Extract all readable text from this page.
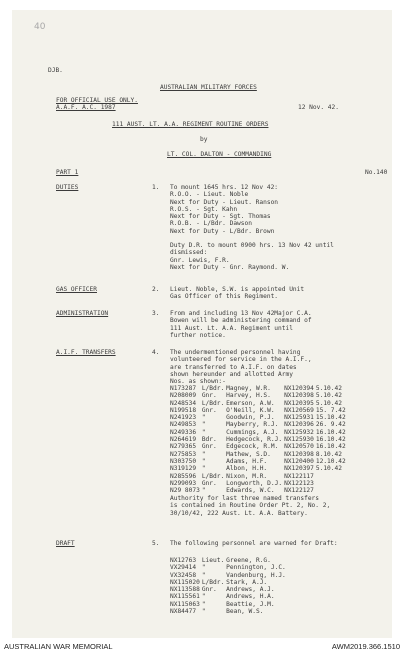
40
DJB.
AUSTRALIAN MILITARY FORCES
FOR OFFICIAL USE ONLY.
A.A.F. A.C. 1987	12 Nov. 42.
111 AUST. LT. A.A. REGIMENT ROUTINE ORDERS
by
LT. COL. DALTON - COMMANDING
PART 1	No.140
DUTIES	1. To mount 1645 hrs. 12 Nov 42:
R.O.O. - Lieut. Noble
Next for Duty - Lieut. Ranson
R.O.S. - Sgt. Kahn
Next for Duty - Sgt. Thomas
R.O.B. - L/Bdr. Dawson
Next for Duty - L/Bdr. Brown
Duty D.R. to mount 0900 hrs. 13 Nov 42 until
dismissed:
Gnr. Lewis, F.R.
Next for Duty - Gnr. Raymond. W.
GAS OFFICER	2. Lieut. Noble, S.W. is appointed Unit
Gas Officer of this Regiment.
ADMINISTRATION	3. From and including 13 Nov 42Major C.A.
Bowen will be administering command of
111 Aust. Lt. A.A. Regiment until
further notice.
A.I.F. TRANSFERS	4. The undermentioned personnel having
volunteered for service in the A.I.F.,
are transferred to A.I.F. on dates
shown hereunder and allotted Army
Nos. as shown:-
N173287	L/Bdr.	Magney, W.R.	NX120394	5.10.42
N208009	Gnr.	Harvey, H.S.	NX120398	5.10.42
N248534	L/Bdr.	Emerson, A.W.	NX120395	5.10.42
N199518	Gnr.	O'Neill, K.W.	NX120569	15. 7.42
N241923	"	Goodwin, P.J.	NX125931	15.10.42
N249853	"	Mayberry, R.J.	NX120396	26. 9.42
N249336	"	Cummings, A.J.	NX125932	16.10.42
N264619	Bdr.	Hedgecock, R.J.	NX125930	16.10.42
N279365	Gnr.	Edgecock, R.M.	NX120570	16.10.42
N275853	"	Mathew, S.D.	NX120398	8.10.42
N303750	"	Adams, H.F.	NX120400	12.10.42
N319129	"	Albon, H.H.	NX120397	5.10.42
N285596	L/Bdr.	Nixon, M.R.	NX122117	
N299093	Gnr.	Longworth, D.J.	NX122123	
N29 8073	"	Edwards, W.C.	NX122127	
Authority for last three named transfers
is contained in Routine Order Pt. 2, No. 2,
30/10/42, 222 Aust. Lt. A.A. Battery.
DRAFT	5. The following personnel are warned for Draft:
NX12763	Lieut.	Greene, R.G.
VX29414	"	Pennington, J.C.
VX32458	"	Vandenburg, H.J.
NX115020	L/Bdr.	Stark, A.J.
NX113588	Gnr.	Andrews, A.J.
NX115561	"	Andrews, H.A.
NX115063	"	Beattie, J.M.
NX84477	"	Bean, W.S.
AUSTRALIAN WAR MEMORIAL	AWM2019.366.1510
